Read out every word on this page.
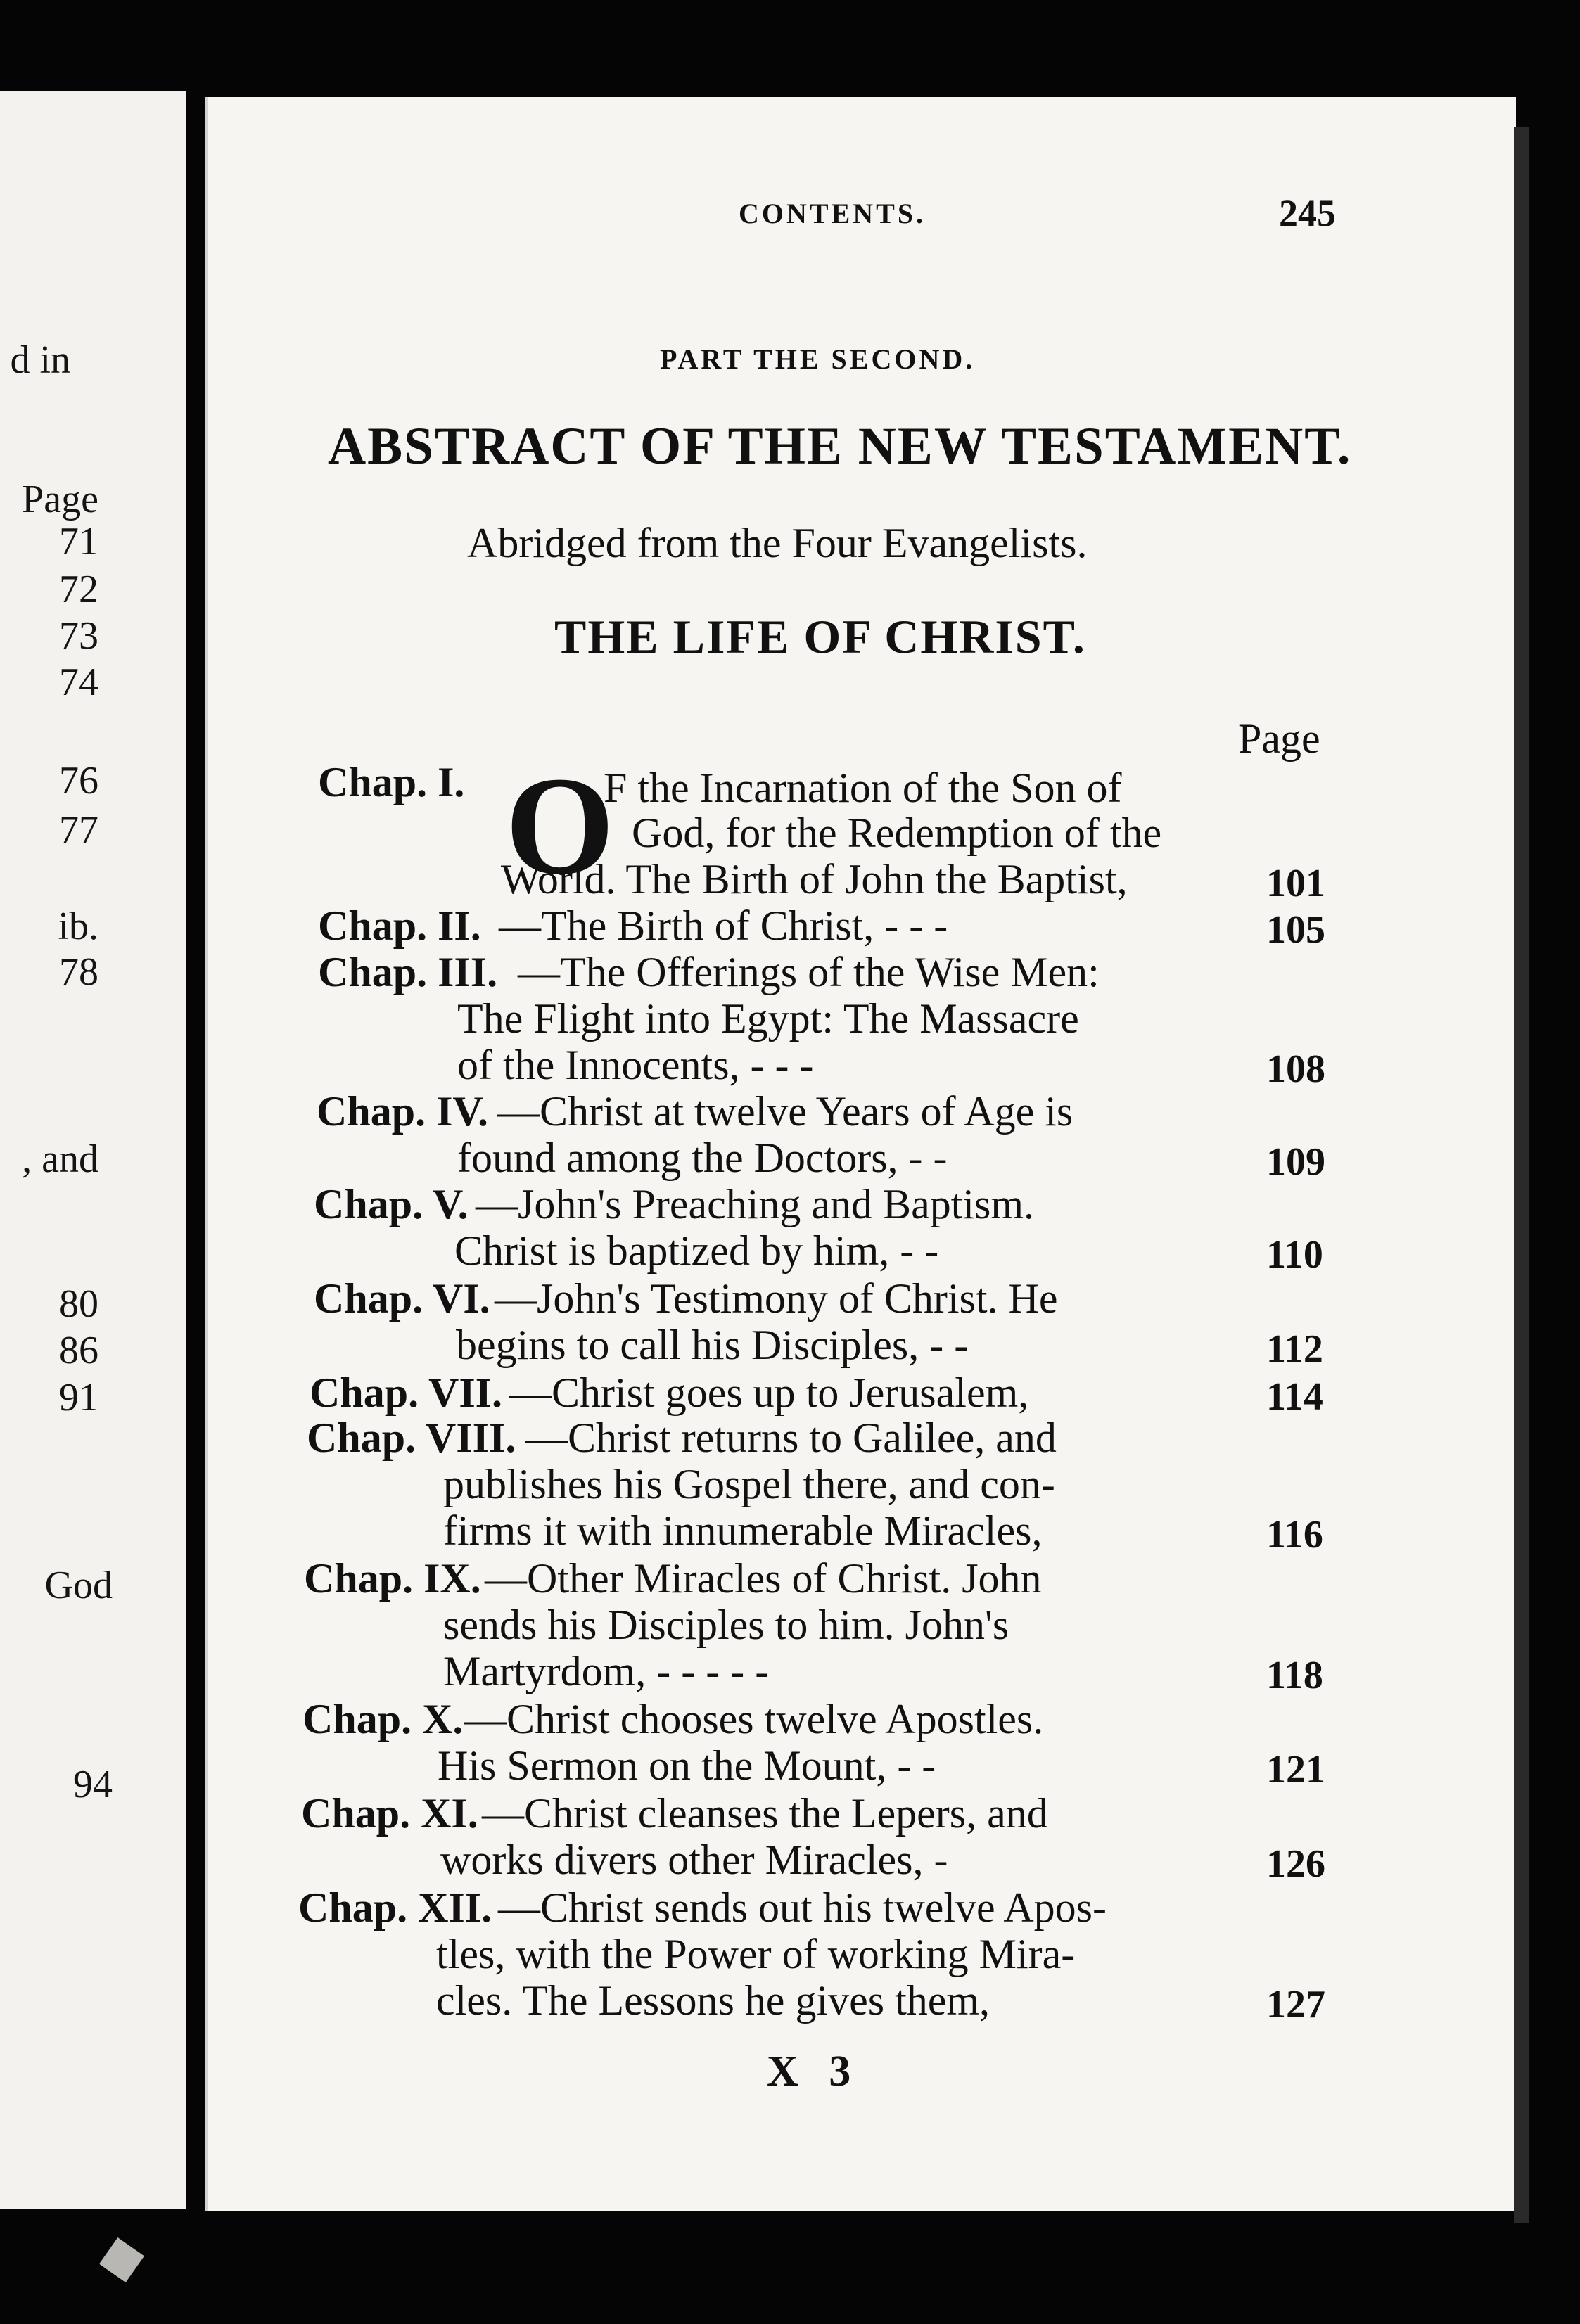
d in
Page
71
72
73
74
76
77
ib.
78
, and
80
86
91
God
94

CONTENTS.	245
PART THE SECOND.
ABSTRACT OF THE NEW TESTAMENT.
Abridged from the Four Evangelists.
THE LIFE OF CHRIST.
Page
Chap. I. O
F the Incarnation of the Son of
God, for the Redemption of the
World. The Birth of John the Baptist,	101
Chap. II. —The Birth of Christ, - - -	105
Chap. III. —The Offerings of the Wise Men:
The Flight into Egypt: The Massacre
of the Innocents, - - -	108
Chap. IV. —Christ at twelve Years of Age is
found among the Doctors, - -	109
Chap. V. —John's Preaching and Baptism.
Christ is baptized by him, - -	110
Chap. VI. —John's Testimony of Christ. He
begins to call his Disciples, - -	112
Chap. VII. —Christ goes up to Jerusalem,	114
Chap. VIII. —Christ returns to Galilee, and
publishes his Gospel there, and con-
firms it with innumerable Miracles,	116
Chap. IX. —Other Miracles of Christ. John
sends his Disciples to him. John's
Martyrdom, - - - - -	118
Chap. X. —Christ chooses twelve Apostles.
His Sermon on the Mount, - -	121
Chap. XI. —Christ cleanses the Lepers, and
works divers other Miracles, -	126
Chap. XII. —Christ sends out his twelve Apos-
tles, with the Power of working Mira-
cles. The Lessons he gives them,	127
X 3
